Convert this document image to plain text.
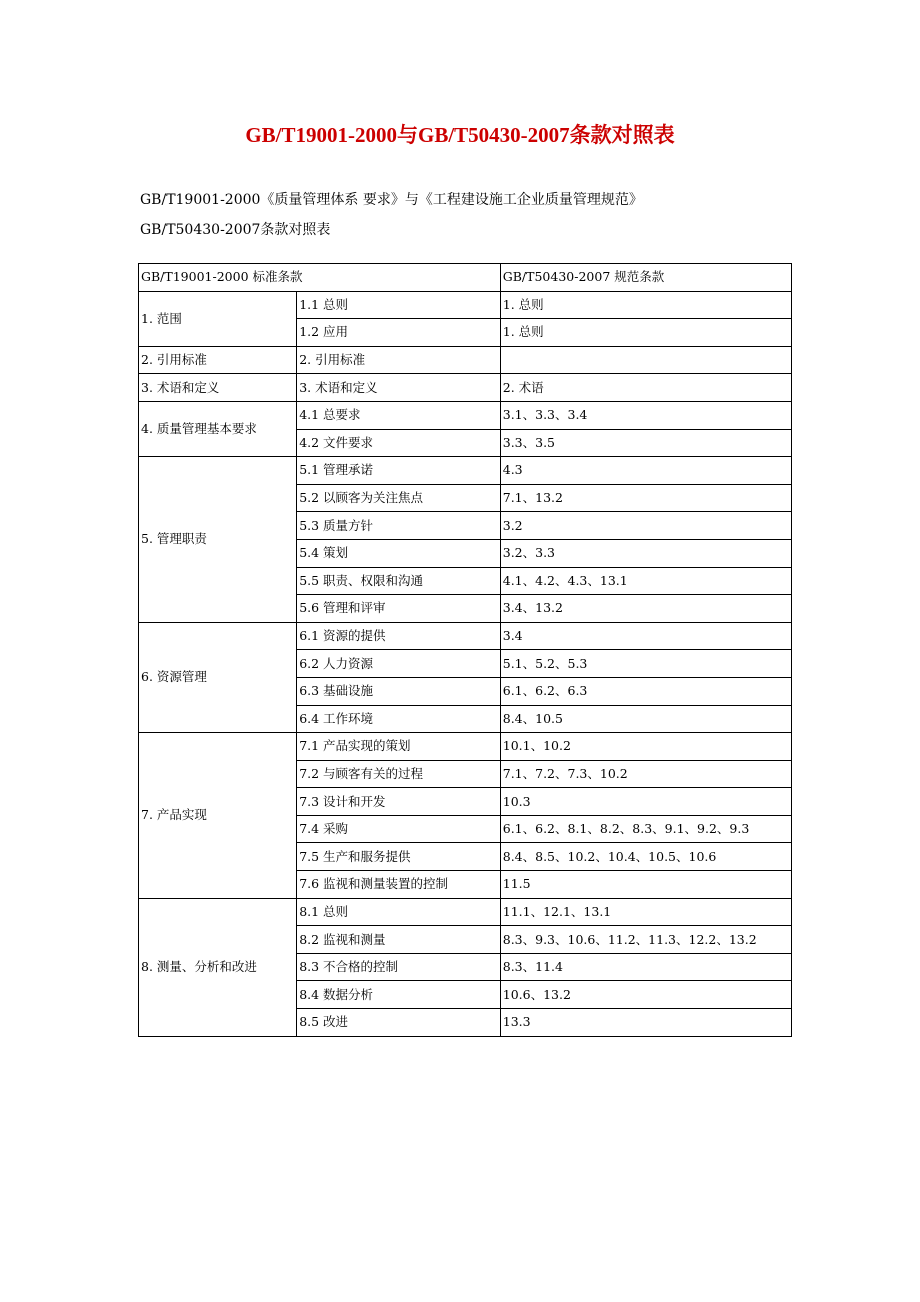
GB/T19001-2000与GB/T50430-2007条款对照表
GB/T19001-2000《质量管理体系 要求》与《工程建设施工企业质量管理规范》
GB/T50430-2007条款对照表
GB/T19001-2000 标准条款		GB/T50430-2007 规范条款
1. 范围	1.1 总则	1. 总则
	1.2 应用	1. 总则
2. 引用标准	2. 引用标准	
3. 术语和定义	3. 术语和定义	2. 术语
4. 质量管理基本要求	4.1 总要求	3.1、3.3、3.4
	4.2 文件要求	3.3、3.5
5. 管理职责	5.1 管理承诺	4.3
	5.2 以顾客为关注焦点	7.1、13.2
	5.3 质量方针	3.2
	5.4 策划	3.2、3.3
	5.5 职责、权限和沟通	4.1、4.2、4.3、13.1
	5.6 管理和评审	3.4、13.2
6. 资源管理	6.1 资源的提供	3.4
	6.2 人力资源	5.1、5.2、5.3
	6.3 基础设施	6.1、6.2、6.3
	6.4 工作环境	8.4、10.5
7. 产品实现	7.1 产品实现的策划	10.1、10.2
	7.2 与顾客有关的过程	7.1、7.2、7.3、10.2
	7.3 设计和开发	10.3
	7.4 采购	6.1、6.2、8.1、8.2、8.3、9.1、9.2、9.3
	7.5 生产和服务提供	8.4、8.5、10.2、10.4、10.5、10.6
	7.6 监视和测量装置的控制	11.5
8. 测量、分析和改进	8.1 总则	11.1、12.1、13.1
	8.2 监视和测量	8.3、9.3、10.6、11.2、11.3、12.2、13.2
	8.3 不合格的控制	8.3、11.4
	8.4 数据分析	10.6、13.2
	8.5 改进	13.3
